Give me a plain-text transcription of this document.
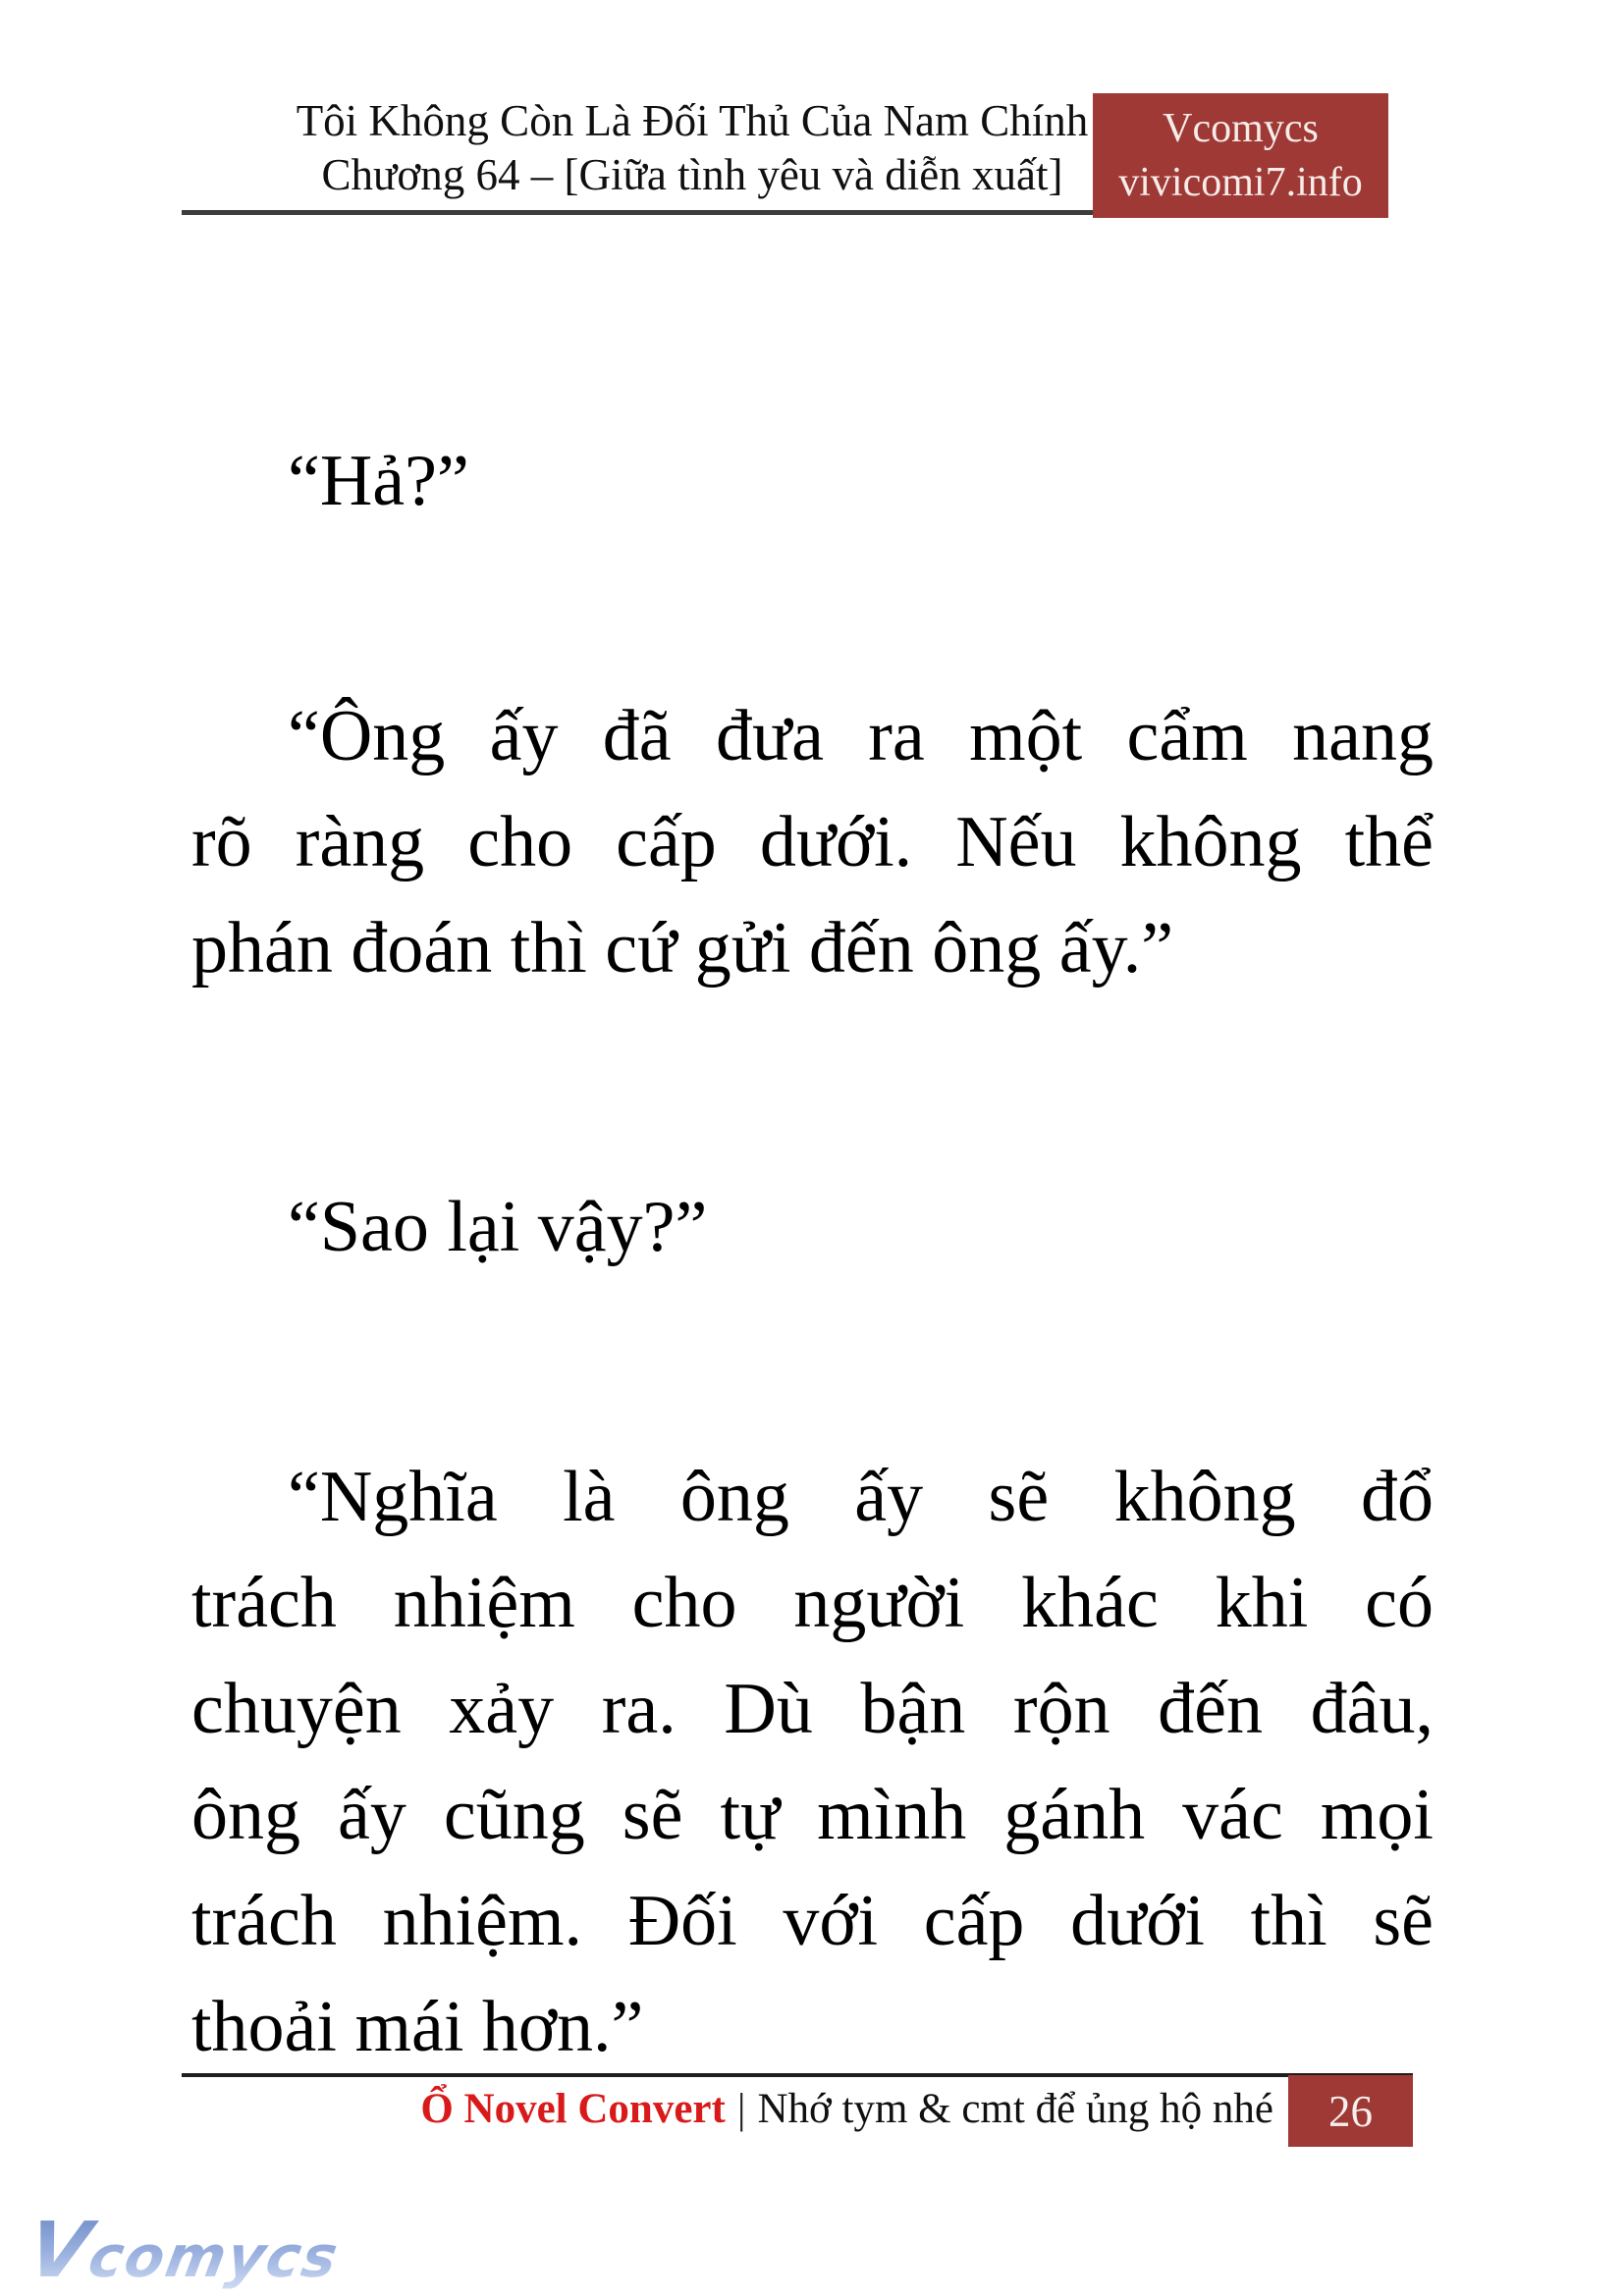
Tôi Không Còn Là Đối Thủ Của Nam Chính
Chương 64 – [Giữa tình yêu và diễn xuất]
Vcomycs
vivicomi7.info
“Hả?”
“Ông ấy đã đưa ra một cẩm nang
rõ ràng cho cấp dưới. Nếu không thể
phán đoán thì cứ gửi đến ông ấy.”
“Sao lại vậy?”
“Nghĩa là ông ấy sẽ không đổ
trách nhiệm cho người khác khi có
chuyện xảy ra. Dù bận rộn đến đâu,
ông ấy cũng sẽ tự mình gánh vác mọi
trách nhiệm. Đối với cấp dưới thì sẽ
thoải mái hơn.”
Ổ Novel Convert | Nhớ tym & cmt để ủng hộ nhé 26
Vcomycs
